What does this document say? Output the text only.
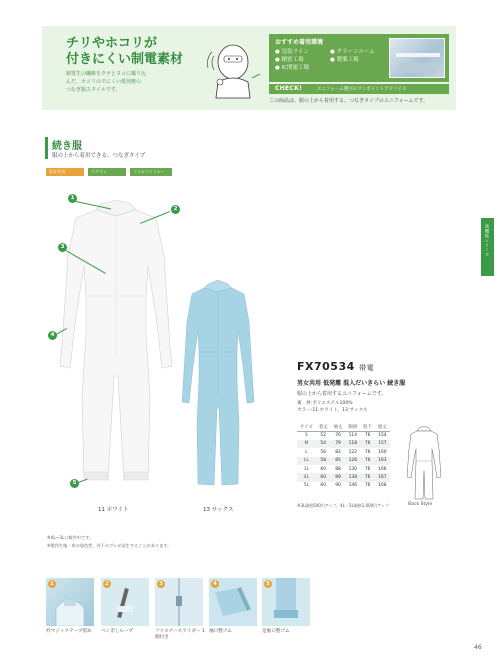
チリやホコリが
付きにくい制電素材
制電生の繊維をタテとヨコに織り込
んだ、ホコリのでにくい低発塵の
つなぎ服スタイルです。
おすすめ着用環境
● 包装ライン	● クリーンルーム
● 精密工場	● 製薬工場
● IC関連工場
CHECK!	ユニフォーム選びのワンポイントアドバイス
この商品は、服の上から着用する、つなぎタイプのユニフォームです。
続き服
服の上から着用できる、つなぎタイプ
男女共用	ラグラン	コイルファスナー
1
2
3
4
5
11 ホワイト	13 サックス
FX70534 帯電
男女共用 低発塵 混入だいきらい 続き服
服の上から着用するユニフォームです。
素　材:ポリエステル100%
カラー:11 ホワイト、13 サックス
サイズ	着丈	袖丈	胸囲	股下	総丈
S	52	76	114	76	154
M	54	79	118	76	157
L	56	82	122	76	160
LL	58	85	126	76	163
3L	60	88	130	76	166
4L	60	89	138	76	167
5L	60	90	146	76	168
※3L価格500円アップ、4L・5L価格1,000円アップ	Back Style
※XL~3Lに数件中です。
※製作生地・糸の染色性、若干のブレが発生することがあります。
高機能シリーズ
1	2	3	4	5
衿マジックテープ留め ペン差しループ	ファスナースライダー 1個付き
袖口整ゴム	足裾口整ゴム
46
